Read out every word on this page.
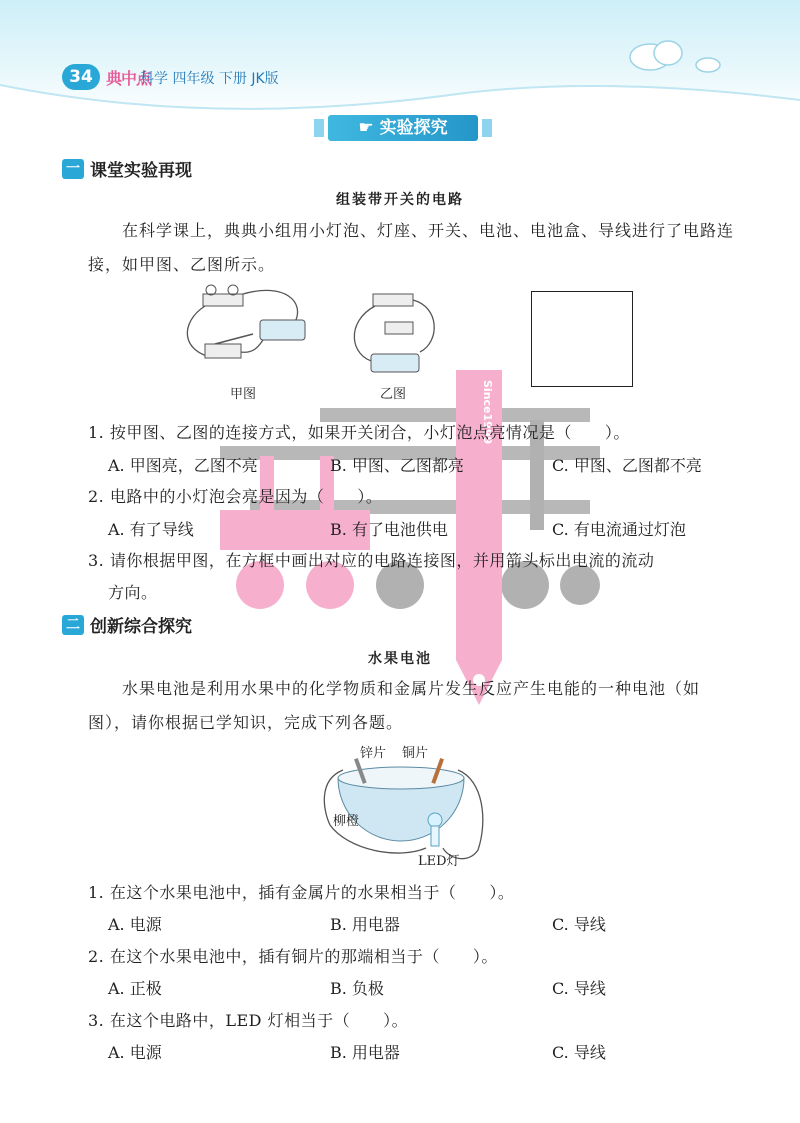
34 典中点
科学 四年级 下册 JK版
☛ 实验探究
Since1999
一 课堂实验再现
组装带开关的电路
在科学课上，典典小组用小灯泡、灯座、开关、电池、电池盒、导线进行了电路连接，如甲图、乙图所示。
甲图	乙图
1. 按甲图、乙图的连接方式，如果开关闭合，小灯泡点亮情况是（　　）。
A. 甲图亮，乙图不亮	B. 甲图、乙图都亮	C. 甲图、乙图都不亮
2. 电路中的小灯泡会亮是因为（　　）。
A. 有了导线	B. 有了电池供电	C. 有电流通过灯泡
3. 请你根据甲图，在方框中画出对应的电路连接图，并用箭头标出电流的流动
方向。
二 创新综合探究
水果电池
水果电池是利用水果中的化学物质和金属片发生反应产生电能的一种电池（如图），请你根据已学知识，完成下列各题。
锌片 铜片
柳橙
LED灯
1. 在这个水果电池中，插有金属片的水果相当于（　　）。
A. 电源	B. 用电器	C. 导线
2. 在这个水果电池中，插有铜片的那端相当于（　　）。
A. 正极	B. 负极	C. 导线
3. 在这个电路中，LED 灯相当于（　　）。
A. 电源	B. 用电器	C. 导线
